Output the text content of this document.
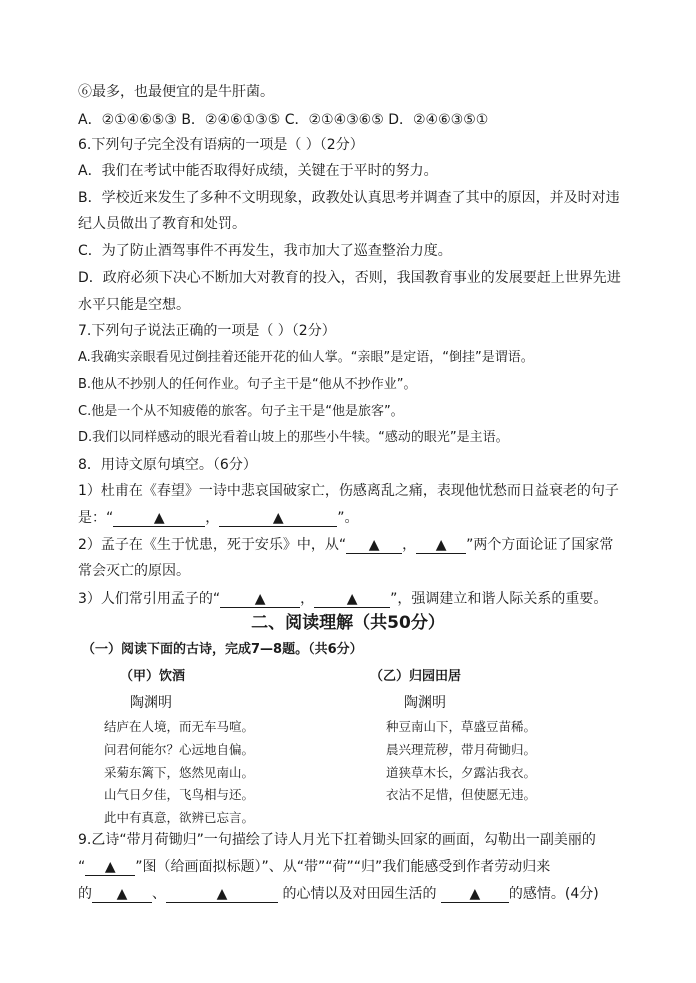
⑥最多，也最便宜的是牛肝菌。
A．②①④⑥⑤③ B．②④⑥①③⑤ C．②①④③⑥⑤ D．②④⑥③⑤①
6.下列句子完全没有语病的一项是（ ）（2分）
A．我们在考试中能否取得好成绩，关键在于平时的努力。
B．学校近来发生了多种不文明现象，政教处认真思考并调查了其中的原因，并及时对违
纪人员做出了教育和处罚。
C．为了防止酒驾事件不再发生，我市加大了巡查整治力度。
D．政府必须下决心不断加大对教育的投入，否则，我国教育事业的发展要赶上世界先进
水平只能是空想。
7.下列句子说法正确的一项是（ ）（2分）
A.我确实亲眼看见过倒挂着还能开花的仙人掌。“亲眼”是定语，“倒挂”是谓语。
B.他从不抄别人的任何作业。句子主干是“他从不抄作业”。
C.他是一个从不知疲倦的旅客。句子主干是“他是旅客”。
D.我们以同样感动的眼光看着山坡上的那些小牛犊。“感动的眼光”是主语。
8．用诗文原句填空。（6分）
1）杜甫在《春望》一诗中悲哀国破家亡，伤感离乱之痛，表现他忧愁而日益衰老的句子
是：“	▲	，	▲	”。
2）孟子在《生于忧患，死于安乐》中，从“ ▲ ， ▲ ”两个方面论证了国家常
常会灭亡的原因。
3）人们常引用孟子的“ ▲ ， ▲ ”，强调建立和谐人际关系的重要。
二、阅读理解（共50分）
（一）阅读下面的古诗，完成7—8题。（共6分）
（甲）饮酒
陶渊明
结庐在人境，而无车马喧。
问君何能尔？心远地自偏。
采菊东篱下，悠然见南山。
山气日夕佳，飞鸟相与还。
此中有真意，欲辨已忘言。
（乙）归园田居
陶渊明
种豆南山下，草盛豆苗稀。
晨兴理荒秽，带月荷锄归。
道狭草木长，夕露沾我衣。
衣沾不足惜，但使愿无违。
9.乙诗“带月荷锄归”一句描绘了诗人月光下扛着锄头回家的画面，勾勒出一副美丽的
“ ▲ ”图（给画面拟标题）”、从“带”“荷”“归”我们能感受到作者劳动归来
的 ▲ 、	▲	的心情以及对田园生活的 ▲ 的感情。(4分)
